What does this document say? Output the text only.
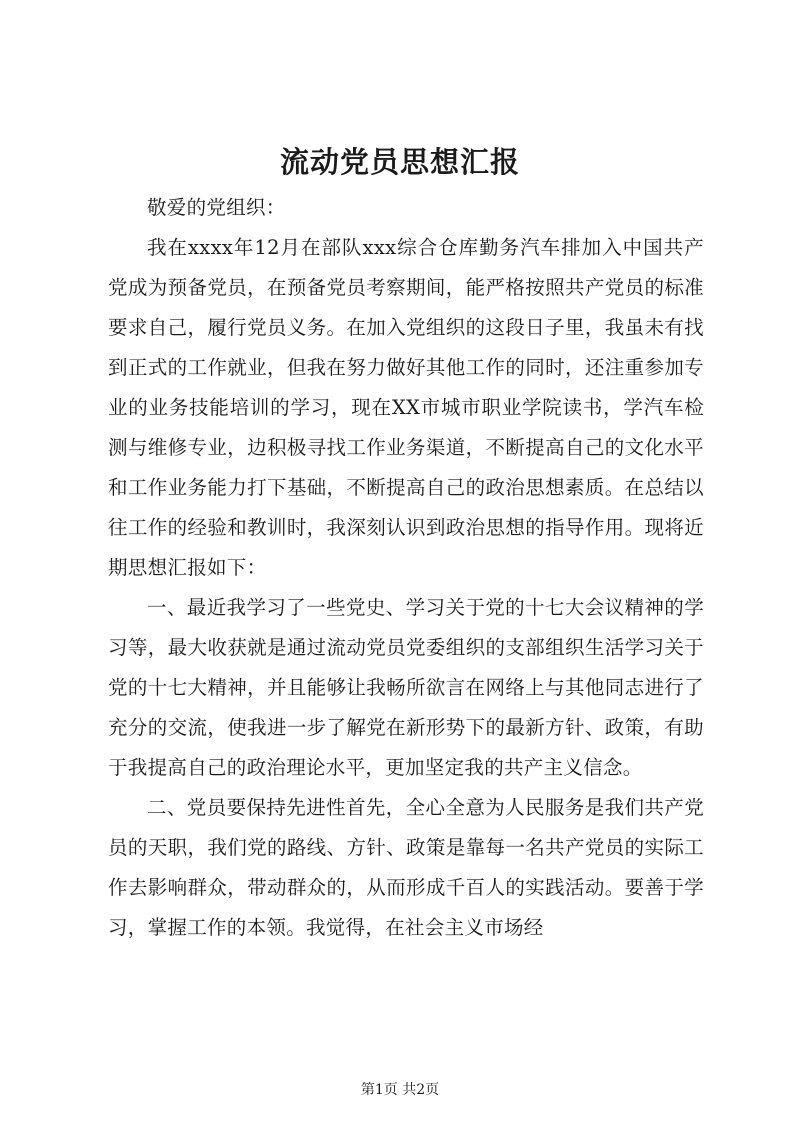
流动党员思想汇报

敬爱的党组织：

我在xxxx年12月在部队xxx综合仓库勤务汽车排加入中国共产党成为预备党员，在预备党员考察期间，能严格按照共产党员的标准要求自己，履行党员义务。在加入党组织的这段日子里，我虽未有找到正式的工作就业，但我在努力做好其他工作的同时，还注重参加专业的业务技能培训的学习，现在XX市城市职业学院读书，学汽车检测与维修专业，边积极寻找工作业务渠道，不断提高自己的文化水平和工作业务能力打下基础，不断提高自己的政治思想素质。在总结以往工作的经验和教训时，我深刻认识到政治思想的指导作用。现将近期思想汇报如下：

一、最近我学习了一些党史、学习关于党的十七大会议精神的学习等，最大收获就是通过流动党员党委组织的支部组织生活学习关于党的十七大精神，并且能够让我畅所欲言在网络上与其他同志进行了充分的交流，使我进一步了解党在新形势下的最新方针、政策，有助于我提高自己的政治理论水平，更加坚定我的共产主义信念。

二、党员要保持先进性首先，全心全意为人民服务是我们共产党员的天职，我们党的路线、方针、政策是靠每一名共产党员的实际工作去影响群众，带动群众的，从而形成千百人的实践活动。要善于学习，掌握工作的本领。我觉得，在社会主义市场经

第1页 共2页
